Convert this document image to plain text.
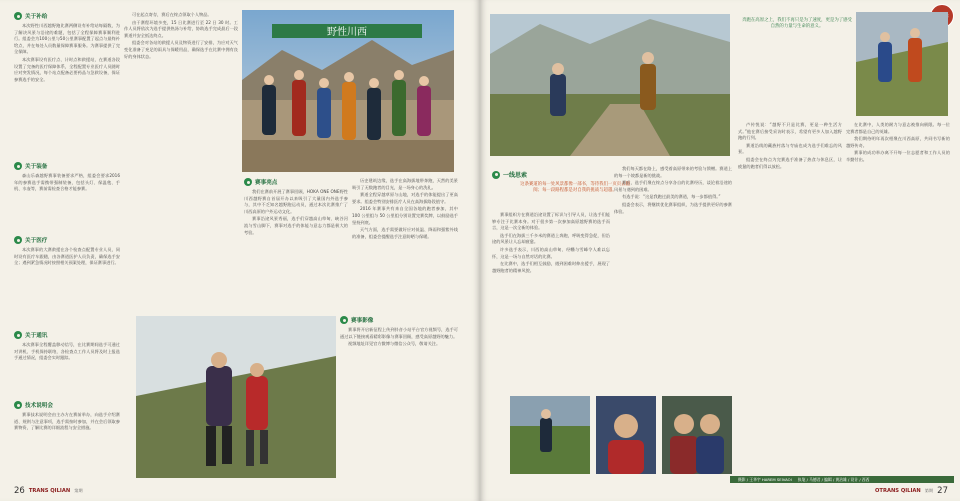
关于补给
本次野性川西越野跑比赛两侧设有补给站每隔数，为了解决风景与沿途的难题，包括了全程保障赛事顺利进行。组委会为100公里与50公里赛事配置了起点与最终补给点，并在每处人员数量保障赛事服务。为赛事提供了完全保障。
本次赛事设有医疗点、计时点和救援站，在赛道各段设置了完备的医疗保障体系，全程配置专业医疗人员随时应对突发情况，每个站点配备必要药品与急救设备，保证参赛选手的安全。
关于装备
森山乐森越野赛事装备要求严格，组委会要求2016年的参赛选手需携带强制装备，包括头灯、保温毯、手机、水壶等，赛前需检查合格才能参赛。
关于医疗
本次赛事的大赛救援在各个检查点配置专业人员，同时设有医疗车跟随，由各赛道医护人员负责，确保选手安全；遇到紧急情况时按照相关预案处理，保证赛事进行。
关于通讯
本次赛事全程覆盖移动信号，在比赛期间选手可通过对讲机、手机保持联络，各检查点工作人员将及时上报选手通过情况，组委会实时跟踪。
技术说明会
赛事技术说明会由主办方在赛前举办，向选手介绍赛道、规则与注意事项，选手需按时参加，并在会后领取参赛物资，了解比赛的详细流程与安全措施。
可在起点寄存，赛后在终点领取个人物品。
由于赛程环境多变，15 日比赛进行至 22 日 30 时。工作人员将依次为选手提供热汤与补给，协助选手完成最后一段赛道并安全抵达终点。
组委会对各站的救援人员及物资进行了安排，为应对天气变化准备了充足的雨具与保暖用品，确保选手在比赛中拥有良好的身体状态。
野性川西
赛事亮点
我们在赛前开展了赛事回顾，HOKA ONE ONE野性川西越野赛自首届开办以来吸引了大量国内外选手参与，其中不乏知名越野跑运动员，通过本次比赛推广了川西高原的户外运动文化。
赛事沿途风景秀丽，选手们穿越高山草甸、峡谷河流与雪山脚下，赛事对选手的体能与意志力都是极大的考验。
历史建筑边缘，选手在高海拔地带奔跑，天然的美景吸引了无数跑者的目光，是一场身心的洗礼。
赛道全程穿越草原与山地，对选手的体能提出了更高要求。组委会特别安排医疗人员在高海拔路段值守。
2016 年赛事共有来自全国各地的跑者参加，其中 100 公里组与 50 公里组分别设置完赛奖牌，以鼓励选手坚持到底。
天气方面，选手需要做好应对低温、降雨和强紫外线的准备，组委会提醒选手注意防晒与保暖。
赛事影像
赛事将开启新征程上传到抖音小站平台官方视频号，选手可通过以下链接观看精彩影像与赛事回顾，感受高原越野的魅力。
视频地址详见官方微博与微信公众号，敬请关注。
26 TRANS QILIAN 第期
奔跑在高原之上，我们不再只是为了速度，更是为了感受自然的力量与生命的意义。
一线思索
这条赛道的每一处风景都像一部书，等待我们一页页去翻阅；每一段路程都是对自我的挑战与超越。
赛事组织方在赛道沿途设置了标识与引导人员，让选手们能够专注于比赛本身。对于很多第一次参加高原越野赛的选手而言，这是一次全新的体验。
选手们在海拔三千多米的赛道上奔跑，呼吸变得急促，但沿途的风景让人忘却疲惫。
许多选手表示，川西的高山草甸、经幡与雪峰令人难以忘怀，这是一场与自然对话的比赛。
在比赛中，选手们相互鼓励，遇到困难时伸出援手，展现了越野跑者的精神风貌。
我们每天都在路上，感受着高原带来的考验与馈赠。赛道上的每一个坡都是新的挑战。
赛后，选手们聚在终点分享各自的比赛经历，谈论着沿途的风景与遇到的困难。
有选手说：“这是我跑过最美的赛道，每一步都值得。”
组委会表示，将继续优化赛事组织，为选手提供更好的参赛体验。
卢传悦说：“越野不只是比赛，更是一种生活方式。”他在赛后接受采访时表示，希望有更多人加入越野跑的行列。
赛道沿线的藏族村落与寺庙也成为选手们难忘的风景。
组委会在终点为完赛选手准备了热食与休息区，让疲惫的跑者们得以放松。
在比赛中，人类的耐力与意志被推向极限。每一位完赛者都是自己的英雄。
我们期待明年再次相聚在川西高原，共同书写新的越野传奇。
赛事的成功举办离不开每一位志愿者和工作人员的辛勤付出。
摄影 / 王华宇 HAREM SEIVAOI 执笔 / 马德君 / 编辑 / 黄治雄 / 设计 / 西西
OTRANS QILIAN 第期 27
